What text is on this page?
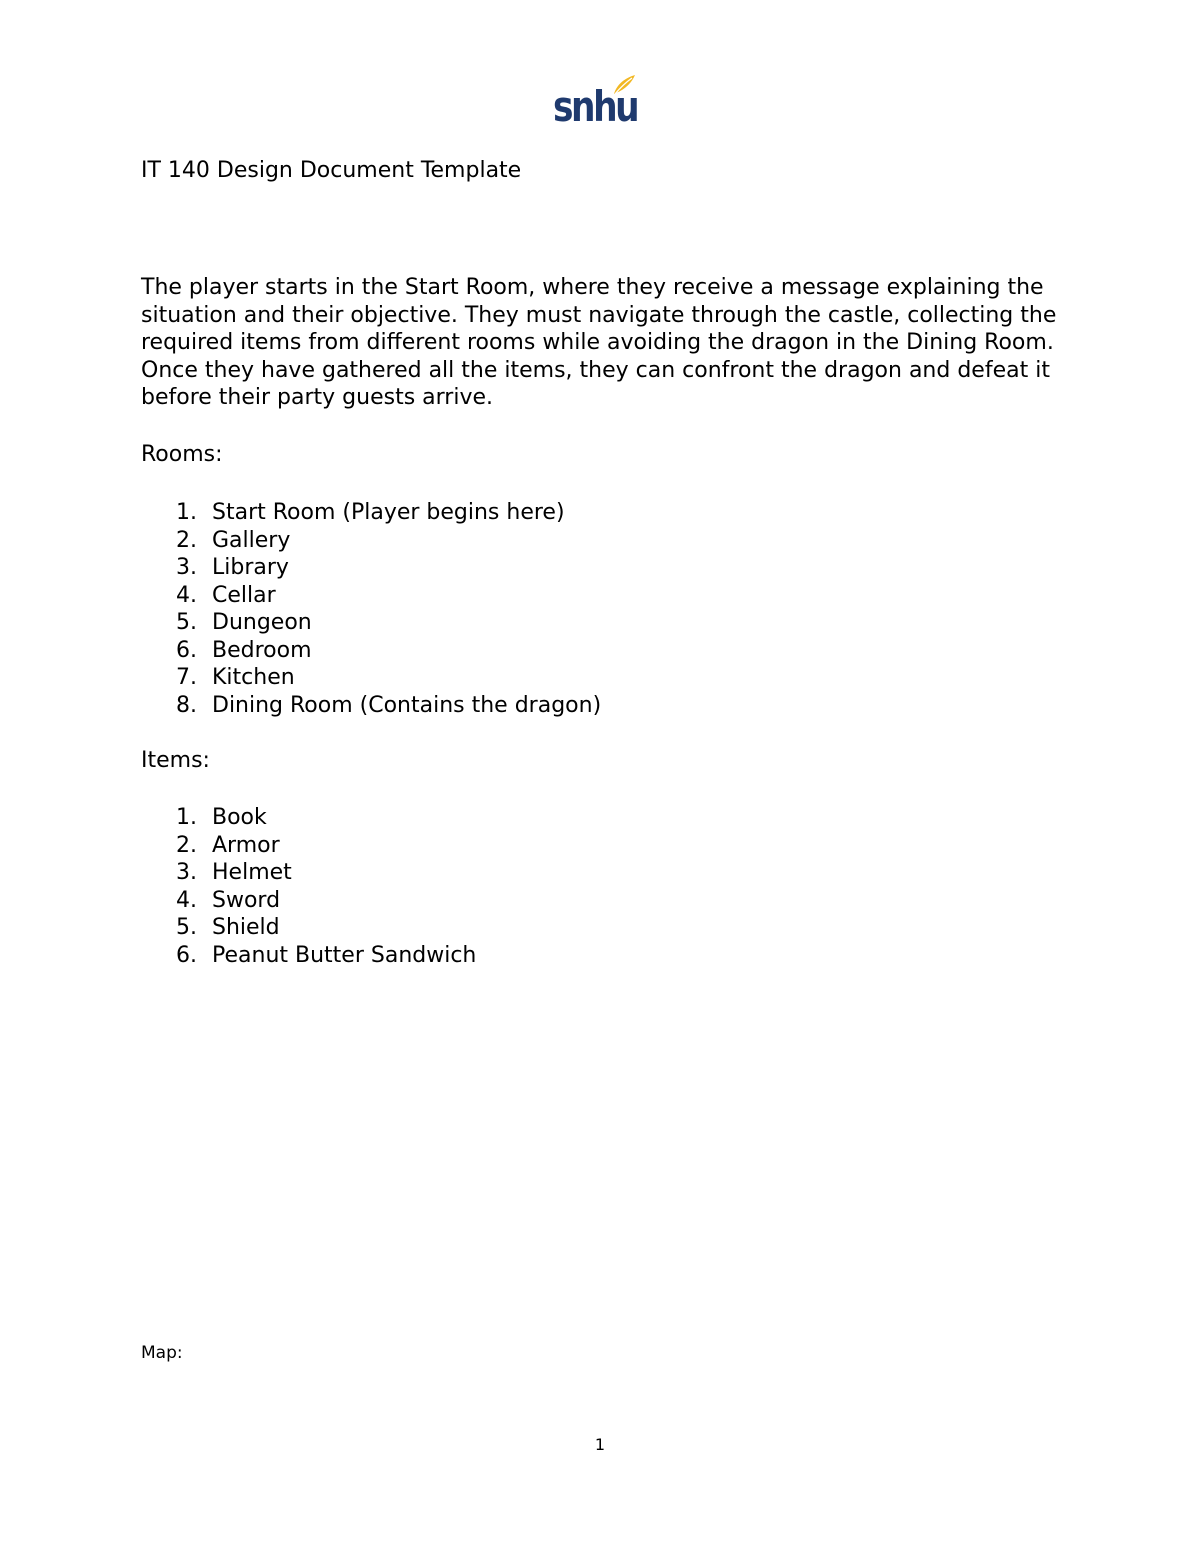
snhu
IT 140 Design Document Template

The player starts in the Start Room, where they receive a message explaining the situation and their objective. They must navigate through the castle, collecting the required items from different rooms while avoiding the dragon in the Dining Room. Once they have gathered all the items, they can confront the dragon and defeat it before their party guests arrive.

Rooms:
1. Start Room (Player begins here)
2. Gallery
3. Library
4. Cellar
5. Dungeon
6. Bedroom
7. Kitchen
8. Dining Room (Contains the dragon)
Items:
1. Book
2. Armor
3. Helmet
4. Sword
5. Shield
6. Peanut Butter Sandwich
Map:
1
